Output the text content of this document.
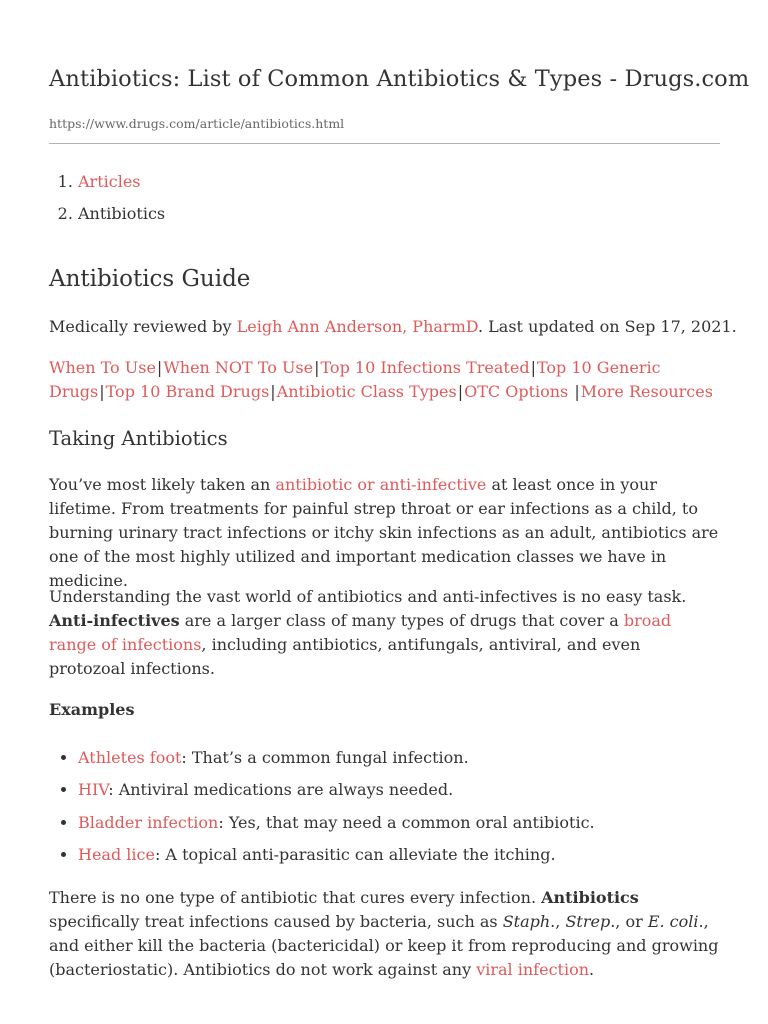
Antibiotics: List of Common Antibiotics & Types - Drugs.com
https://www.drugs.com/article/antibiotics.html
1. Articles
2. Antibiotics
Antibiotics Guide

Medically reviewed by Leigh Ann Anderson, PharmD. Last updated on Sep 17, 2021.

When To Use|When NOT To Use|Top 10 Infections Treated|Top 10 Generic Drugs|Top 10 Brand Drugs|Antibiotic Class Types|OTC Options |More Resources

Taking Antibiotics

You’ve most likely taken an antibiotic or anti-infective at least once in your lifetime. From treatments for painful strep throat or ear infections as a child, to burning urinary tract infections or itchy skin infections as an adult, antibiotics are one of the most highly utilized and important medication classes we have in medicine.

Understanding the vast world of antibiotics and anti-infectives is no easy task. Anti-infectives are a larger class of many types of drugs that cover a broad range of infections, including antibiotics, antifungals, antiviral, and even protozoal infections.

Examples

• Athletes foot: That’s a common fungal infection.
• HIV: Antiviral medications are always needed.
• Bladder infection: Yes, that may need a common oral antibiotic.
• Head lice: A topical anti-parasitic can alleviate the itching.

There is no one type of antibiotic that cures every infection. Antibiotics specifically treat infections caused by bacteria, such as Staph., Strep., or E. coli., and either kill the bacteria (bactericidal) or keep it from reproducing and growing (bacteriostatic). Antibiotics do not work against any viral infection.
